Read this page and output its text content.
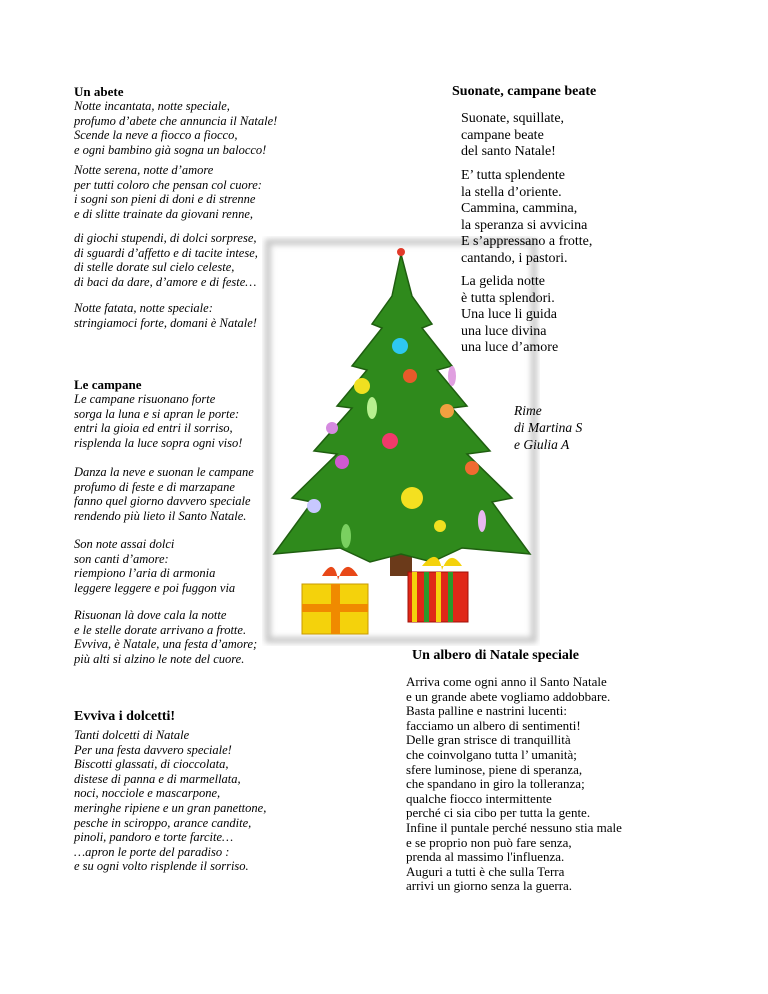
Un abete
Notte incantata, notte speciale,
profumo d’abete che annuncia il Natale!
Scende la neve a fiocco a fiocco,
e ogni bambino già sogna un balocco!
Notte serena, notte d’amore
per tutti coloro che pensan col cuore:
i sogni son pieni di doni e di strenne
e di slitte trainate da giovani renne,
di giochi stupendi, di dolci sorprese,
di sguardi d’affetto e di tacite intese,
di stelle dorate sul cielo celeste,
di baci da dare, d’amore e di feste…
Notte fatata, notte speciale:
stringiamoci forte, domani è Natale!
Le campane
Le campane risuonano forte
sorga la luna e si apran le porte:
entri la gioia ed entri il sorriso,
risplenda la luce sopra ogni viso!
Danza la neve e suonan le campane
profumo di feste e di marzapane
fanno quel giorno davvero speciale
rendendo più lieto il Santo Natale.
Son note assai dolci
son canti d’amore:
riempiono l’aria di armonia
leggere leggere e poi fuggon via
Risuonan là dove cala la notte
e le stelle dorate arrivano a frotte.
Evviva, è Natale, una festa d’amore;
più alti si alzino le note del cuore.
Evviva i dolcetti!
Tanti dolcetti di Natale
Per una festa davvero speciale!
Biscotti glassati, di cioccolata,
distese di panna e di marmellata,
noci, nocciole e mascarpone,
meringhe ripiene e un gran panettone,
pesche in sciroppo, arance candite,
pinoli, pandoro e torte farcite…
…apron le porte del paradiso :
e su ogni volto risplende il sorriso.
Suonate, campane beate
Suonate, squillate,
campane beate
del santo Natale!
E’ tutta splendente
la stella d’oriente.
Cammina, cammina,
la speranza si avvicina
E s’appressano a frotte,
cantando, i pastori.
La gelida notte
è tutta splendori.
Una luce li guida
una luce divina
una luce d’amore
Rime
di Martina S
e Giulia A
Un albero di Natale speciale
Arriva come ogni anno il Santo Natale
e un grande abete vogliamo addobbare.
Basta palline e nastrini lucenti:
facciamo un albero di sentimenti!
Delle gran strisce di tranquillità
che coinvolgano tutta l’ umanità;
sfere luminose, piene di speranza,
che spandano in giro la tolleranza;
qualche fiocco intermittente
perché ci sia cibo per tutta la gente.
Infine il puntale perché nessuno stia male
e se proprio non può fare senza,
prenda al massimo l'influenza.
Auguri a tutti è che sulla Terra
arrivi un giorno senza la guerra.
